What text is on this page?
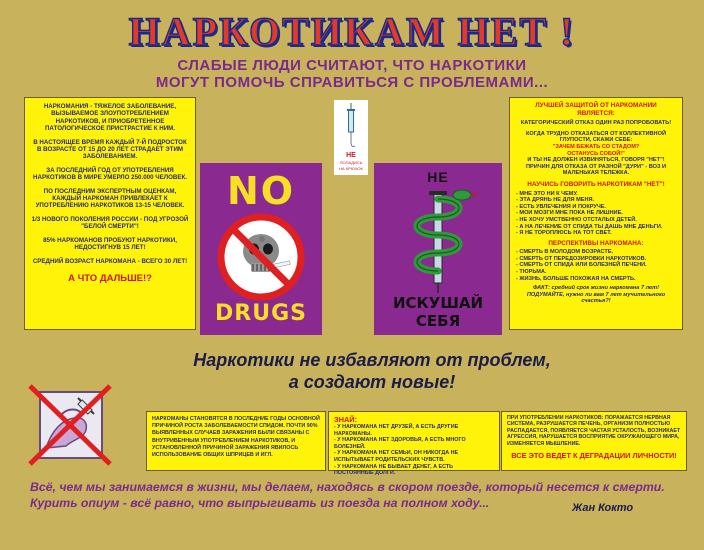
НАРКОТИКАМ НЕТ !
СЛАБЫЕ ЛЮДИ СЧИТАЮТ, ЧТО НАРКОТИКИ
МОГУТ ПОМОЧЬ СПРАВИТЬСЯ С ПРОБЛЕМАМИ...

НАРКОМАНИЯ - ТЯЖЕЛОЕ ЗАБОЛЕВАНИЕ, ВЫЗЫВАЕМОЕ ЗЛОУПОТРЕБЛЕНИЕМ НАРКОТИКОВ, И ПРИОБРЕТЕННОЕ ПАТОЛОГИЧЕСКОЕ ПРИСТРАСТИЕ К НИМ.

В НАСТОЯЩЕЕ ВРЕМЯ КАЖДЫЙ 7-Й ПОДРОСТОК В ВОЗРАСТЕ ОТ 15 ДО 20 ЛЕТ СТРАДАЕТ ЭТИМ ЗАБОЛЕВАНИЕМ.

ЗА ПОСЛЕДНИЙ ГОД ОТ УПОТРЕБЛЕНИЯ НАРКОТИКОВ В МИРЕ УМЕРЛО 250.000 ЧЕЛОВЕК.

ПО ПОСЛЕДНИМ ЭКСПЕРТНЫМ ОЦЕНКАМ, КАЖДЫЙ НАРКОМАН ПРИВЛЕКАЕТ К УПОТРЕБЛЕНИЮ НАРКОТИКОВ 13-15 ЧЕЛОВЕК.

1/3 НОВОГО ПОКОЛЕНИЯ РОССИИ - ПОД УГРОЗОЙ "БЕЛОЙ СМЕРТИ"!

85% НАРКОМАНОВ ПРОБУЮТ НАРКОТИКИ, НЕДОСТИГНУВ 15 ЛЕТ!

СРЕДНИЙ ВОЗРАСТ НАРКОМАНА - ВСЕГО 30 ЛЕТ!

А ЧТО ДАЛЬШЕ!?

НЕ
ПОПАДИСЬ
НА КРЮЧОК
NO
DRUGS
НЕ
ИСКУШАЙ
СЕБЯ
ЛУЧШЕЙ ЗАЩИТОЙ ОТ НАРКОМАНИИ
ЯВЛЯЕТСЯ:

КАТЕГОРИЧЕСКИЙ ОТКАЗ ОДИН РАЗ ПОПРОБОВАТЬ!

КОГДА ТРУДНО ОТКАЗАТЬСЯ ОТ КОЛЛЕКТИВНОЙ ГЛУПОСТИ, СКАЖИ СЕБЕ:

"ЗАЧЕМ БЕЖАТЬ СО СТАДОМ?

ОСТАНУСЬ СОБОЙ!"

И ТЫ НЕ ДОЛЖЕН ИЗВИНЯТЬСЯ, ГОВОРЯ "НЕТ"! ПРИЧИН ДЛЯ ОТКАЗА ОТ РАЗНОЙ "ДУРИ" - ВОЗ И МАЛЕНЬКАЯ ТЕЛЕЖКА.

НАУЧИСЬ ГОВОРИТЬ НАРКОТИКАМ "НЕТ"!
- МНЕ ЭТО НИ К ЧЕМУ.
- ЭТА ДРЯНЬ НЕ ДЛЯ МЕНЯ.
- ЕСТЬ УВЛЕЧЕНИЯ И ПОКРУЧЕ.
- МОИ МОЗГИ МНЕ ПОКА НЕ ЛИШНИЕ.
- НЕ ХОЧУ УМСТВЕННО ОТСТАЛЫХ ДЕТЕЙ.
- А НА ЛЕЧЕНИЕ ОТ СПИДА ТЫ ДАШЬ МНЕ ДЕНЬГИ.
- Я НЕ ТОРОПЛЮСЬ НА ТОТ СВЕТ.
ПЕРСПЕКТИВЫ НАРКОМАНА:
- СМЕРТЬ В МОЛОДОМ ВОЗРАСТЕ.
- СМЕРТЬ ОТ ПЕРЕДОЗИРОВКИ НАРКОТИКОВ.
- СМЕРТЬ ОТ СПИДА ИЛИ БОЛЕЗНЕЙ ПЕЧЕНИ.
- ТЮРЬМА.
- ЖИЗНЬ, БОЛЬШЕ ПОХОЖАЯ НА СМЕРТЬ.
ФАКТ: средний срок жизни наркомана 7 лет!
ПОДУМАЙТЕ, нужно ли вам 7 лет мучительного счастья?!
Наркотики не избавляют от проблем,
а создают новые!
НАРКОМАНЫ СТАНОВЯТСЯ В ПОСЛЕДНИЕ ГОДЫ ОСНОВНОЙ ПРИЧИНОЙ РОСТА ЗАБОЛЕВАЕМОСТИ СПИДОМ. ПОЧТИ 90% ВЫЯВЛЕННЫХ СЛУЧАЕВ ЗАРАЖЕНИЯ БЫЛИ СВЯЗАНЫ С ВНУТРИВЕННЫМ УПОТРЕБЛЕНИЕМ НАРКОТИКОВ, И УСТАНОВЛЕННОЙ ПРИЧИНОЙ ЗАРАЖЕНИЯ ЯВИЛОСЬ ИСПОЛЬЗОВАНИЕ ОБЩИХ ШПРИЦЕВ И ИГЛ.
ЗНАЙ:
- У НАРКОМАНА НЕТ ДРУЗЕЙ, А ЕСТЬ ДРУГИЕ НАРКОМАНЫ.
- У НАРКОМАНА НЕТ ЗДОРОВЬЯ, А ЕСТЬ МНОГО БОЛЕЗНЕЙ.
- У НАРКОМАНА НЕТ СЕМЬИ, ОН НИКОГДА НЕ ИСПЫТЫВАЕТ РОДИТЕЛЬСКИХ ЧУВСТВ.
- У НАРКОМАНА НЕ БЫВАЕТ ДЕНЕГ, А ЕСТЬ ПОСТОЯННЫЕ ДОЛГИ.
ПРИ УПОТРЕБЛЕНИИ НАРКОТИКОВ: ПОРАЖАЕТСЯ НЕРВНАЯ СИСТЕМА, РАЗРУШАЕТСЯ ПЕЧЕНЬ, ОРГАНИЗМ ПОЛНОСТЬЮ РАСПАДАЕТСЯ, ПОЯВЛЯЕТСЯ ЧАСТАЯ УСТАЛОСТЬ, ВОЗНИКАЕТ АГРЕССИЯ, НАРУШАЕТСЯ ВОСПРИЯТИЕ ОКРУЖАЮЩЕГО МИРА, ИЗМЕНЯЕТСЯ МЫШЛЕНИЕ.
ВСЕ ЭТО ВЕДЕТ К ДЕГРАДАЦИИ ЛИЧНОСТИ!
Всё, чем мы занимаемся в жизни, мы делаем, находясь в скором поезде, который несется к смерти.
Курить опиум - всё равно, что выпрыгивать из поезда на полном ходу...	Жан Кокто
